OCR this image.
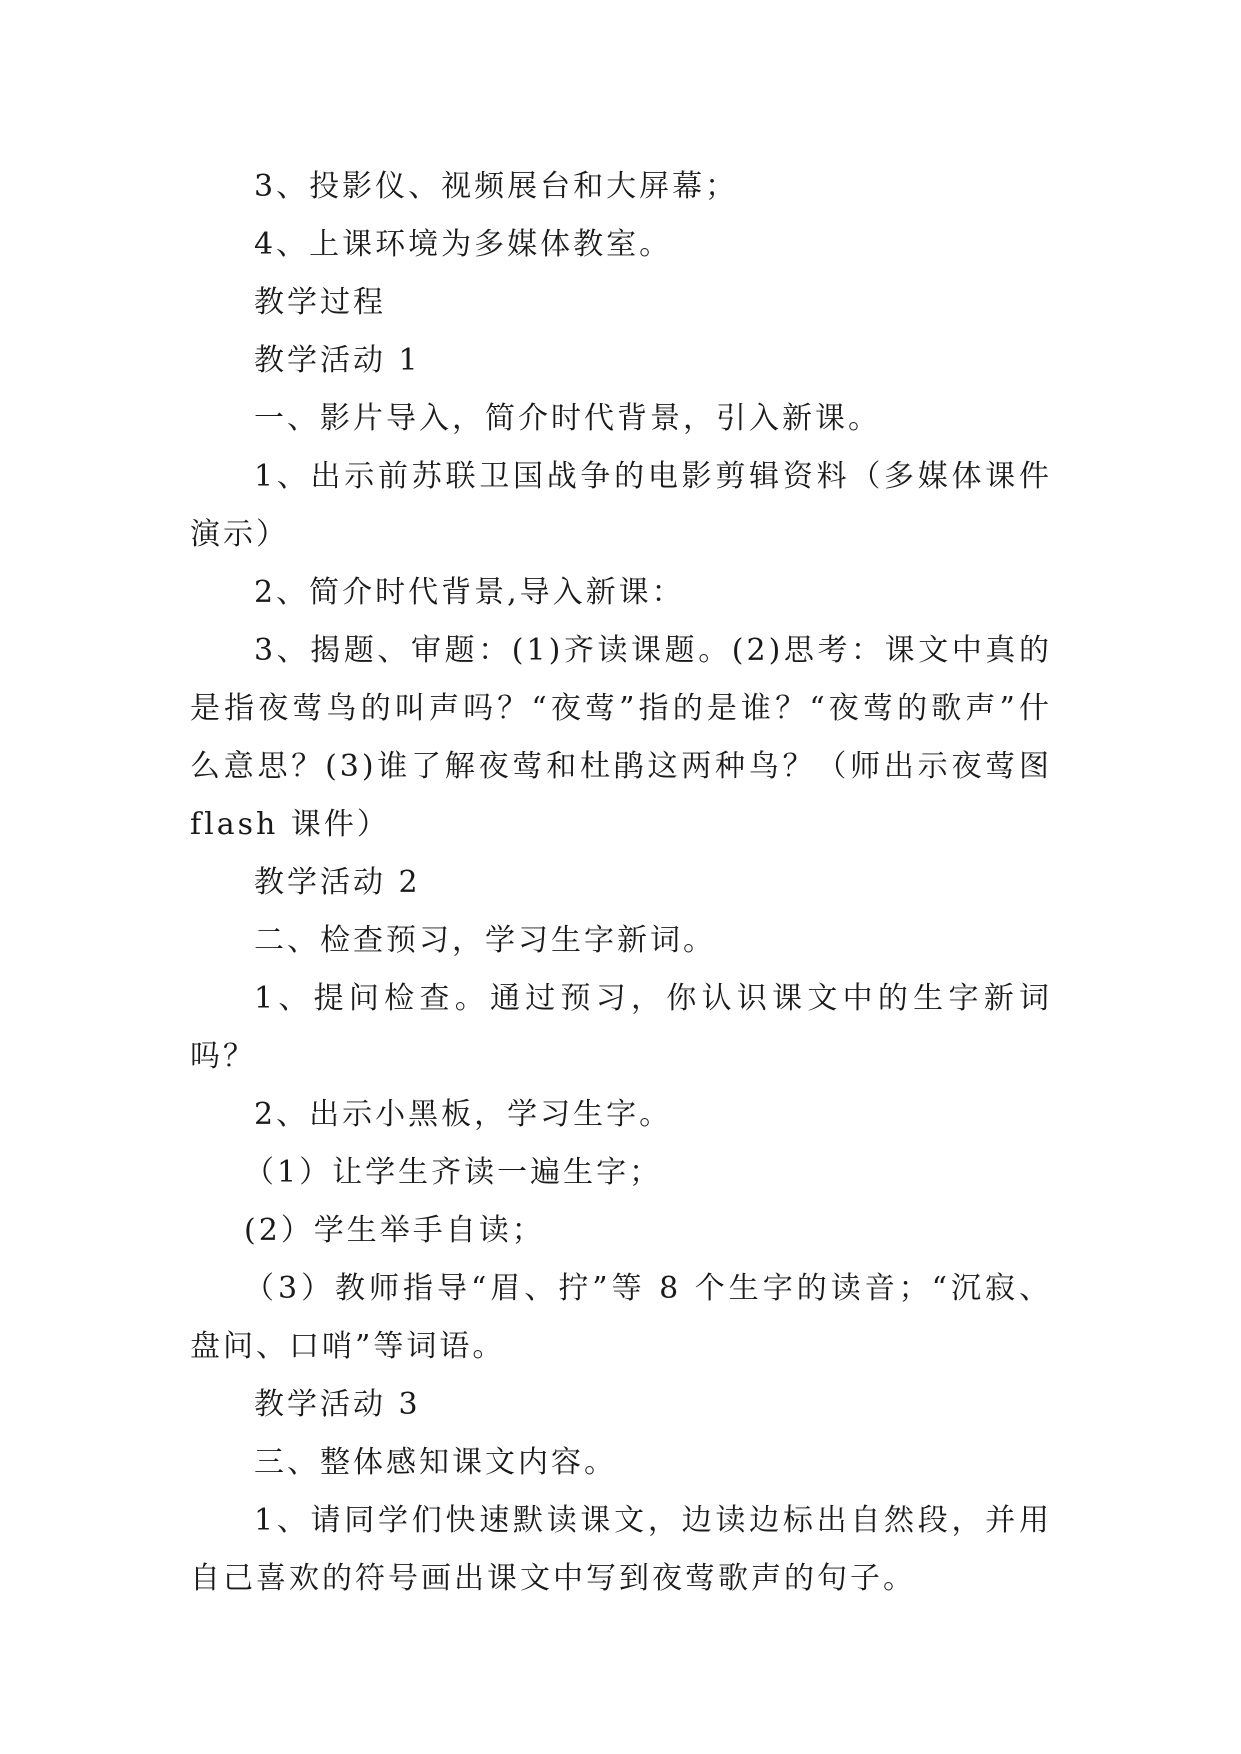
3、投影仪、视频展台和大屏幕；

4、上课环境为多媒体教室。

教学过程

教学活动 1

一、影片导入，简介时代背景，引入新课。

1、出示前苏联卫国战争的电影剪辑资料（多媒体课件演示）

2、简介时代背景,导入新课：

3、揭题、审题：(1)齐读课题。(2)思考：课文中真的是指夜莺鸟的叫声吗？“夜莺”指的是谁？“夜莺的歌声”什么意思？(3)谁了解夜莺和杜鹃这两种鸟？（师出示夜莺图 flash 课件）

教学活动 2

二、检查预习，学习生字新词。

1、提问检查。通过预习，你认识课文中的生字新词吗？

2、出示小黑板，学习生字。

（1）让学生齐读一遍生字；

(2）学生举手自读；

（3）教师指导“眉、拧”等 8 个生字的读音；“沉寂、盘问、口哨”等词语。

教学活动 3

三、整体感知课文内容。

1、请同学们快速默读课文，边读边标出自然段，并用自己喜欢的符号画出课文中写到夜莺歌声的句子。
